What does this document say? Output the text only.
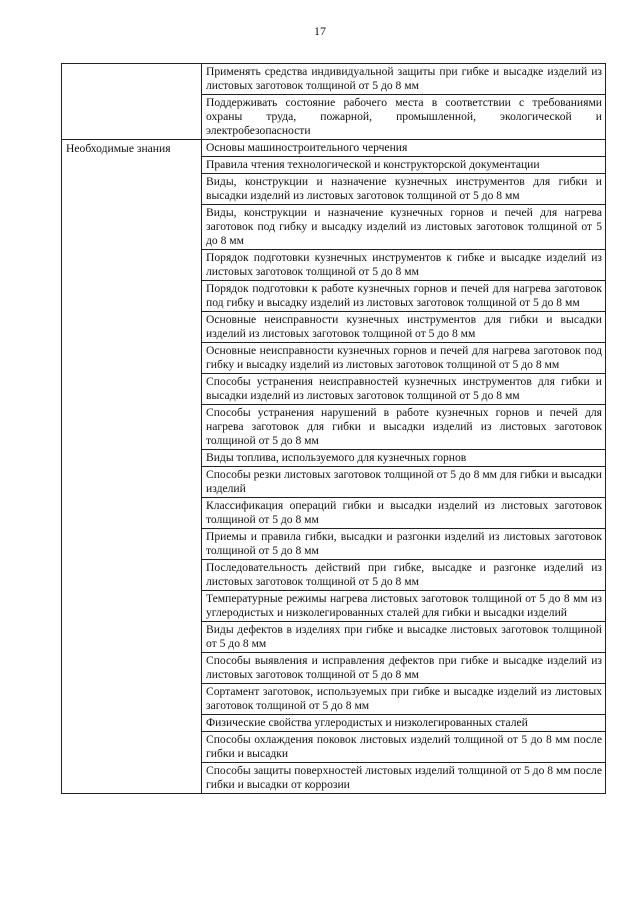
17
	Применять средства индивидуальной защиты при гибке и высадке изделий из листовых заготовок толщиной от 5 до 8 мм
	Поддерживать состояние рабочего места в соответствии с требованиями охраны труда, пожарной, промышленной, экологической и электробезопасности

Необходимые знания	Основы машиностроительного черчения
	Правила чтения технологической и конструкторской документации
	Виды, конструкции и назначение кузнечных инструментов для гибки и высадки изделий из листовых заготовок толщиной от 5 до 8 мм
	Виды, конструкции и назначение кузнечных горнов и печей для нагрева заготовок под гибку и высадку изделий из листовых заготовок толщиной от 5 до 8 мм
	Порядок подготовки кузнечных инструментов к гибке и высадке изделий из листовых заготовок толщиной от 5 до 8 мм
	Порядок подготовки к работе кузнечных горнов и печей для нагрева заготовок под гибку и высадку изделий из листовых заготовок толщиной от 5 до 8 мм
	Основные неисправности кузнечных инструментов для гибки и высадки изделий из листовых заготовок толщиной от 5 до 8 мм
	Основные неисправности кузнечных горнов и печей для нагрева заготовок под гибку и высадку изделий из листовых заготовок толщиной от 5 до 8 мм
	Способы устранения неисправностей кузнечных инструментов для гибки и высадки изделий из листовых заготовок толщиной от 5 до 8 мм
	Способы устранения нарушений в работе кузнечных горнов и печей для нагрева заготовок для гибки и высадки изделий из листовых заготовок толщиной от 5 до 8 мм
	Виды топлива, используемого для кузнечных горнов
	Способы резки листовых заготовок толщиной от 5 до 8 мм для гибки и высадки изделий
	Классификация операций гибки и высадки изделий из листовых заготовок толщиной от 5 до 8 мм
	Приемы и правила гибки, высадки и разгонки изделий из листовых заготовок толщиной от 5 до 8 мм
	Последовательность действий при гибке, высадке и разгонке изделий из листовых заготовок толщиной от 5 до 8 мм
	Температурные режимы нагрева листовых заготовок толщиной от 5 до 8 мм из углеродистых и низколегированных сталей для гибки и высадки изделий
	Виды дефектов в изделиях при гибке и высадке листовых заготовок толщиной от 5 до 8 мм
	Способы выявления и исправления дефектов при гибке и высадке изделий из листовых заготовок толщиной от 5 до 8 мм
	Сортамент заготовок, используемых при гибке и высадке изделий из листовых заготовок толщиной от 5 до 8 мм
	Физические свойства углеродистых и низколегированных сталей
	Способы охлаждения поковок листовых изделий толщиной от 5 до 8 мм после гибки и высадки
	Способы защиты поверхностей листовых изделий толщиной от 5 до 8 мм после гибки и высадки от коррозии
